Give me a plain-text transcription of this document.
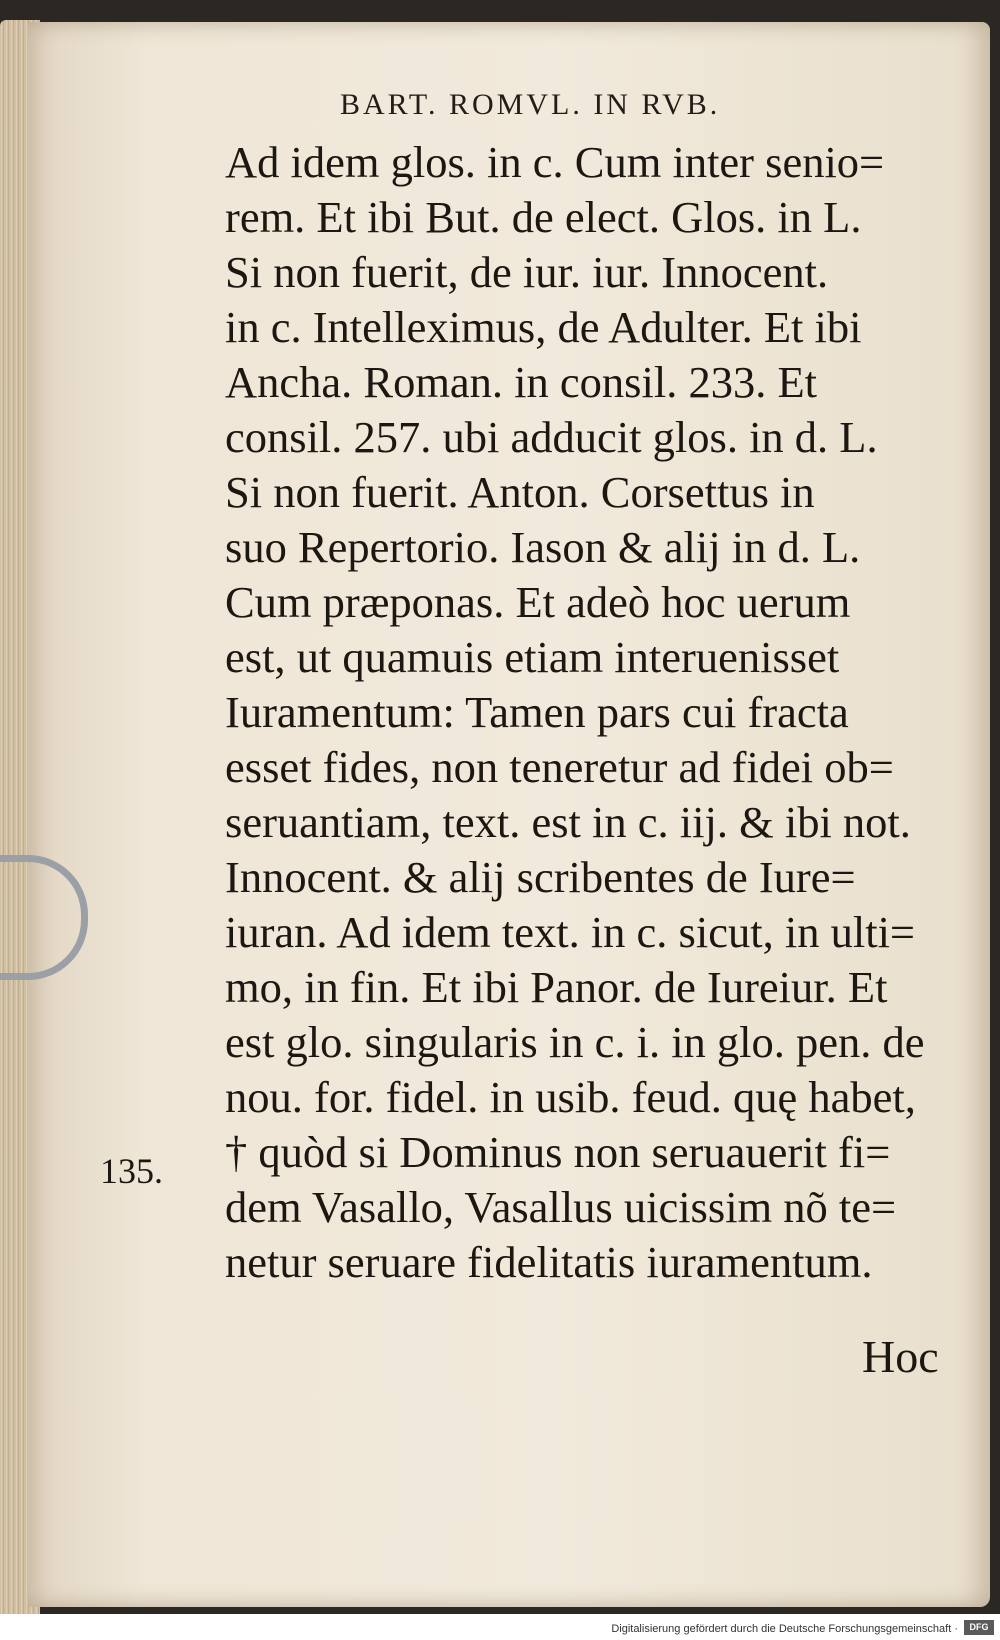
BART. ROMVL. IN RVB.
Ad idem glos. in c. Cum inter senio=
rem. Et ibi But. de elect. Glos. in L.
Si non fuerit, de iur. iur. Innocent.
in c. Intelleximus, de Adulter. Et ibi
Ancha. Roman. in consil. 233. Et
consil. 257. ubi adducit glos. in d. L.
Si non fuerit. Anton. Corsettus in
suo Repertorio. Iason & alij in d. L.
Cum præponas. Et adeò hoc uerum
est, ut quamuis etiam interuenisset
Iuramentum: Tamen pars cui fracta
esset fides, non teneretur ad fidei ob=
seruantiam, text. est in c. iij. & ibi not.
Innocent. & alij scribentes de Iure=
iuran. Ad idem text. in c. sicut, in ulti=
mo, in fin. Et ibi Panor. de Iureiur. Et
est glo. singularis in c. i. in glo. pen. de
nou. for. fidel. in usib. feud. quę habet,
† quòd si Dominus non seruauerit fi=
dem Vasallo, Vasallus uicissim nõ te=
netur seruare fidelitatis iuramentum.
135.
Hoc
Digitalisierung gefördert durch die Deutsche Forschungsgemeinschaft ·	DFG
